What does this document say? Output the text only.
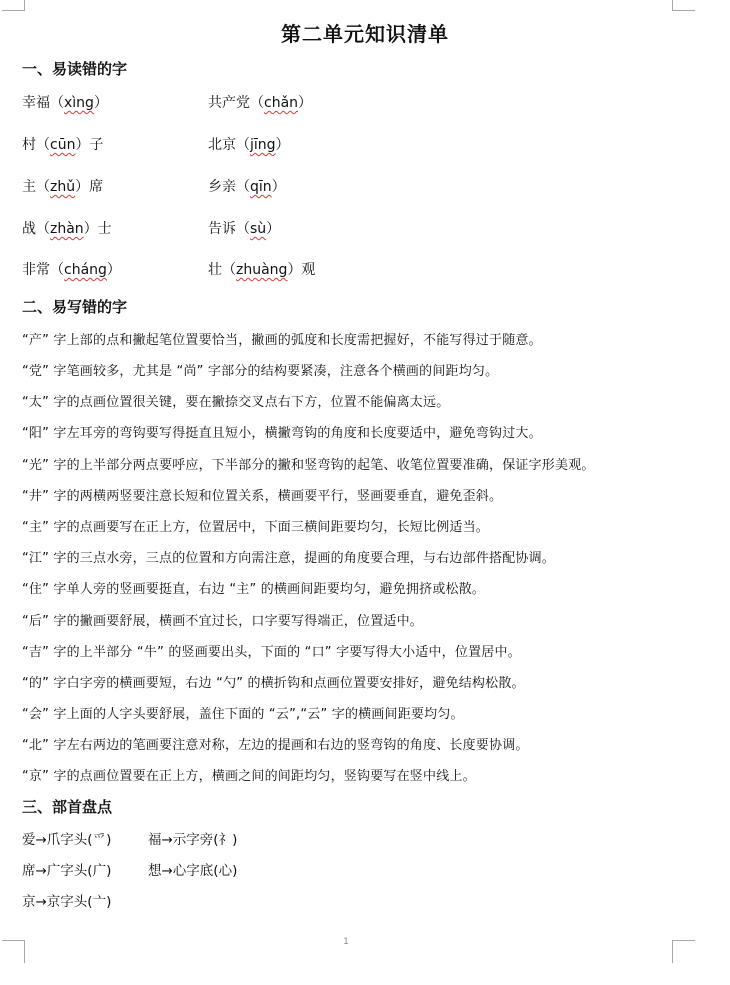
第二单元知识清单
一、易读错的字
幸福（xìng）	共产党（chǎn）
村（cūn）子	北京（jīng）
主（zhǔ）席	乡亲（qīn）
战（zhàn）士	告诉（sù）
非常（cháng）	壮（zhuàng）观
二、易写错的字
“产” 字上部的点和撇起笔位置要恰当，撇画的弧度和长度需把握好，不能写得过于随意。
“党” 字笔画较多，尤其是 “尚” 字部分的结构要紧凑，注意各个横画的间距均匀。
“太” 字的点画位置很关键，要在撇捺交叉点右下方，位置不能偏离太远。
“阳” 字左耳旁的弯钩要写得挺直且短小，横撇弯钩的角度和长度要适中，避免弯钩过大。
“光” 字的上半部分两点要呼应，下半部分的撇和竖弯钩的起笔、收笔位置要准确，保证字形美观。
“井” 字的两横两竖要注意长短和位置关系，横画要平行，竖画要垂直，避免歪斜。
“主” 字的点画要写在正上方，位置居中，下面三横间距要均匀，长短比例适当。
“江” 字的三点水旁，三点的位置和方向需注意，提画的角度要合理，与右边部件搭配协调。
“住” 字单人旁的竖画要挺直，右边 “主” 的横画间距要均匀，避免拥挤或松散。
“后” 字的撇画要舒展，横画不宜过长，口字要写得端正，位置适中。
“吉” 字的上半部分 “牛” 的竖画要出头，下面的 “口” 字要写得大小适中，位置居中。
“的” 字白字旁的横画要短，右边 “勺” 的横折钩和点画位置要安排好，避免结构松散。
“会” 字上面的人字头要舒展，盖住下面的 “云”,“云” 字的横画间距要均匀。
“北” 字左右两边的笔画要注意对称，左边的提画和右边的竖弯钩的角度、长度要协调。
“京” 字的点画位置要在正上方，横画之间的间距均匀，竖钩要写在竖中线上。
三、部首盘点
爱→爪字头(爫)	福→示字旁(礻)
席→广字头(广)	想→心字底(心)
京→京字头(亠)
1
